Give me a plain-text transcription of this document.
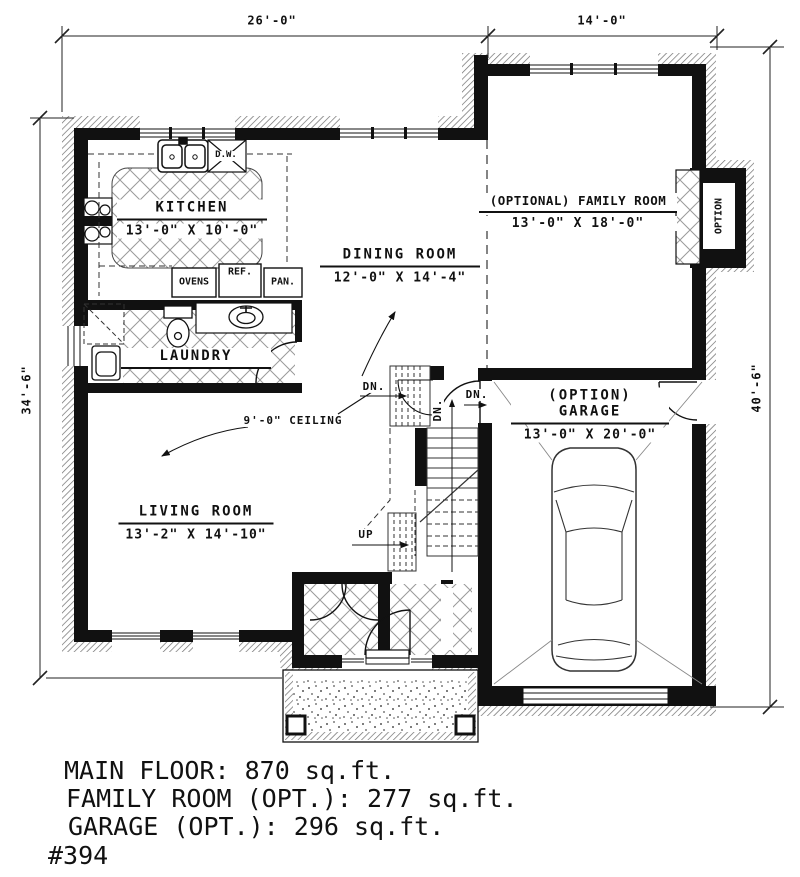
26'-0"	14'-0"
34'-6"	40'-6"
KITCHEN
13'-0" X 10'-0"
DINING ROOM
12'-0" X 14'-4"
(OPTIONAL) FAMILY ROOM
13'-0" X 18'-0"
LAUNDRY
(OPTION) GARAGE
13'-0" X 20'-0"
LIVING ROOM
13'-2" X 14'-10"
D.W.
OVENS
REF.
PAN.
9'-0" CEILING
DN.
DN.
DN.
UP
OPTION
MAIN FLOOR: 870 sq.ft.
FAMILY ROOM (OPT.): 277 sq.ft.
GARAGE (OPT.): 296 sq.ft.
#394
